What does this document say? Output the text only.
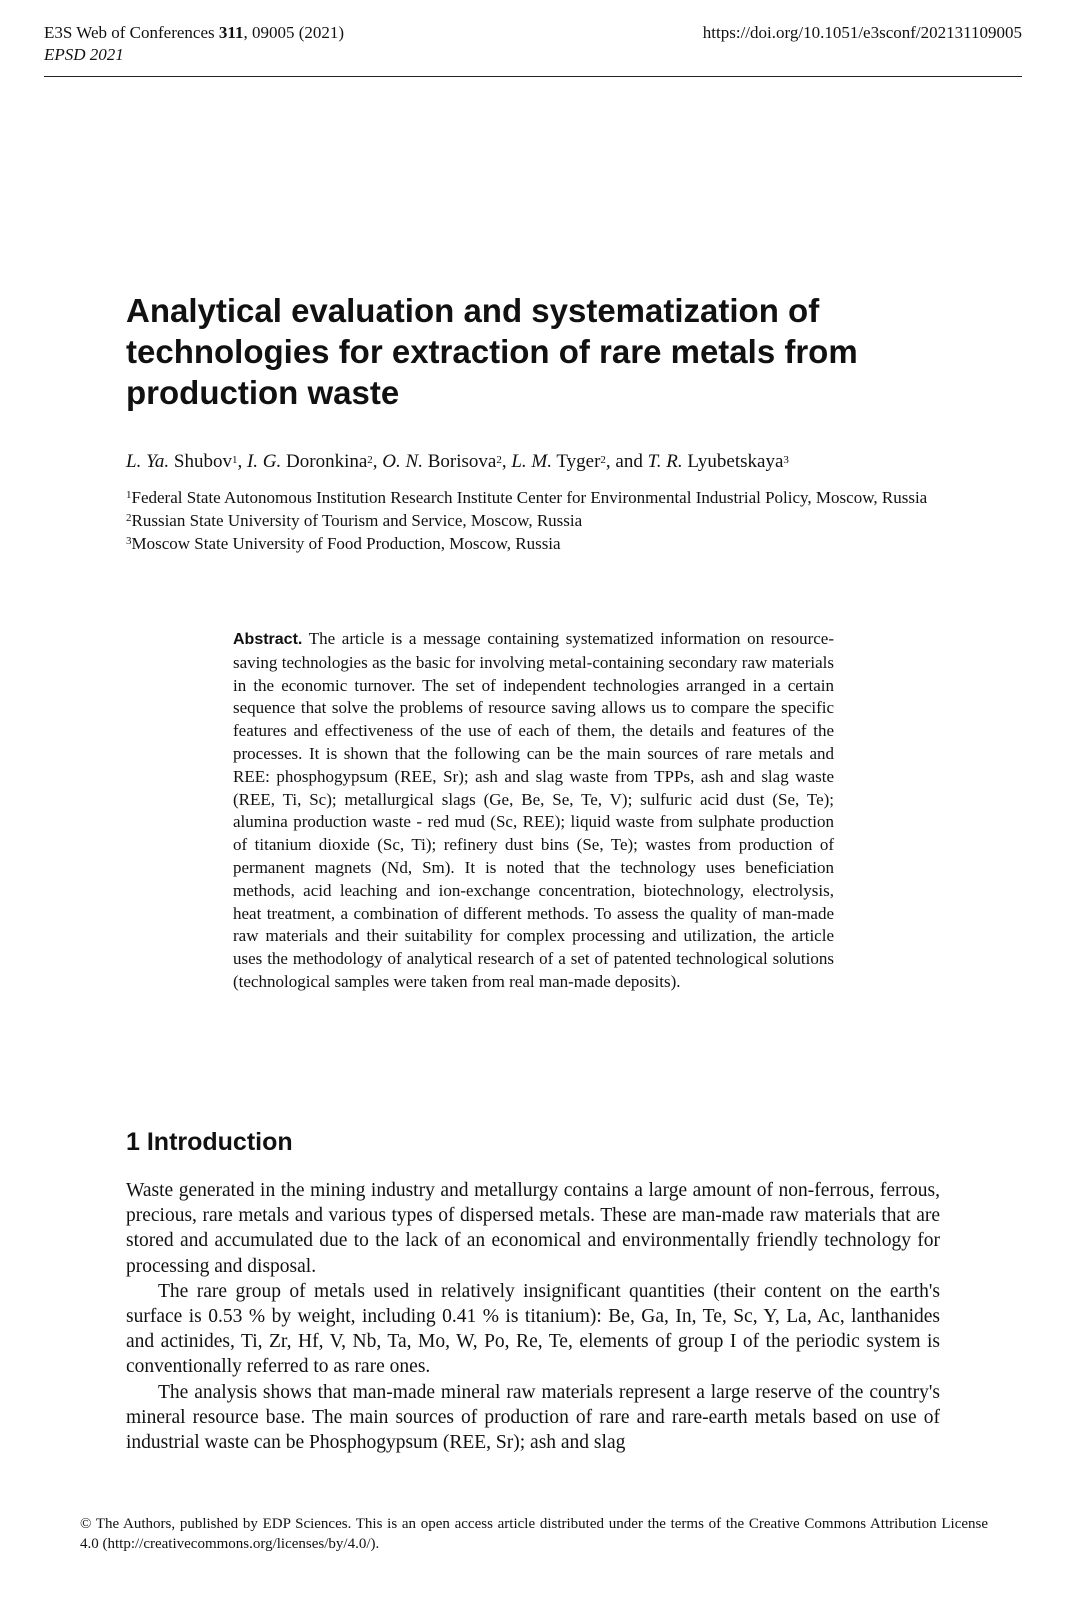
E3S Web of Conferences 311, 09005 (2021)
EPSD 2021
https://doi.org/10.1051/e3sconf/202131109005
Analytical evaluation and systematization of technologies for extraction of rare metals from production waste
L. Ya. Shubov$^1$, I. G. Doronkina$^2$, O. N. Borisova$^2$, L. M. Tyger$^2$, and T. R. Lyubetskaya$^3$

$^1$Federal State Autonomous Institution Research Institute Center for Environmental Industrial Policy, Moscow, Russia

$^2$Russian State University of Tourism and Service, Moscow, Russia

$^3$Moscow State University of Food Production, Moscow, Russia

Abstract. The article is a message containing systematized information on resource-saving technologies as the basic for involving metal-containing secondary raw materials in the economic turnover. The set of independent technologies arranged in a certain sequence that solve the problems of resource saving allows us to compare the specific features and effectiveness of the use of each of them, the details and features of the processes. It is shown that the following can be the main sources of rare metals and REE: phosphogypsum (REE, Sr); ash and slag waste from TPPs, ash and slag waste (REE, Ti, Sc); metallurgical slags (Ge, Be, Se, Te, V); sulfuric acid dust (Se, Te); alumina production waste - red mud (Sc, REE); liquid waste from sulphate production of titanium dioxide (Sc, Ti); refinery dust bins (Se, Te); wastes from production of permanent magnets (Nd, Sm). It is noted that the technology uses beneficiation methods, acid leaching and ion-exchange concentration, biotechnology, electrolysis, heat treatment, a combination of different methods. To assess the quality of man-made raw materials and their suitability for complex processing and utilization, the article uses the methodology of analytical research of a set of patented technological solutions (technological samples were taken from real man-made deposits).
1 Introduction

Waste generated in the mining industry and metallurgy contains a large amount of non-ferrous, ferrous, precious, rare metals and various types of dispersed metals. These are man-made raw materials that are stored and accumulated due to the lack of an economical and environmentally friendly technology for processing and disposal.

The rare group of metals used in relatively insignificant quantities (their content on the earth's surface is 0.53 % by weight, including 0.41 % is titanium): Be, Ga, In, Te, Sc, Y, La, Ac, lanthanides and actinides, Ti, Zr, Hf, V, Nb, Ta, Mo, W, Po, Re, Te, elements of group I of the periodic system is conventionally referred to as rare ones.

The analysis shows that man-made mineral raw materials represent a large reserve of the country's mineral resource base. The main sources of production of rare and rare-earth metals based on use of industrial waste can be Phosphogypsum (REE, Sr); ash and slag

© The Authors, published by EDP Sciences. This is an open access article distributed under the terms of the Creative Commons Attribution License 4.0 (http://creativecommons.org/licenses/by/4.0/).
